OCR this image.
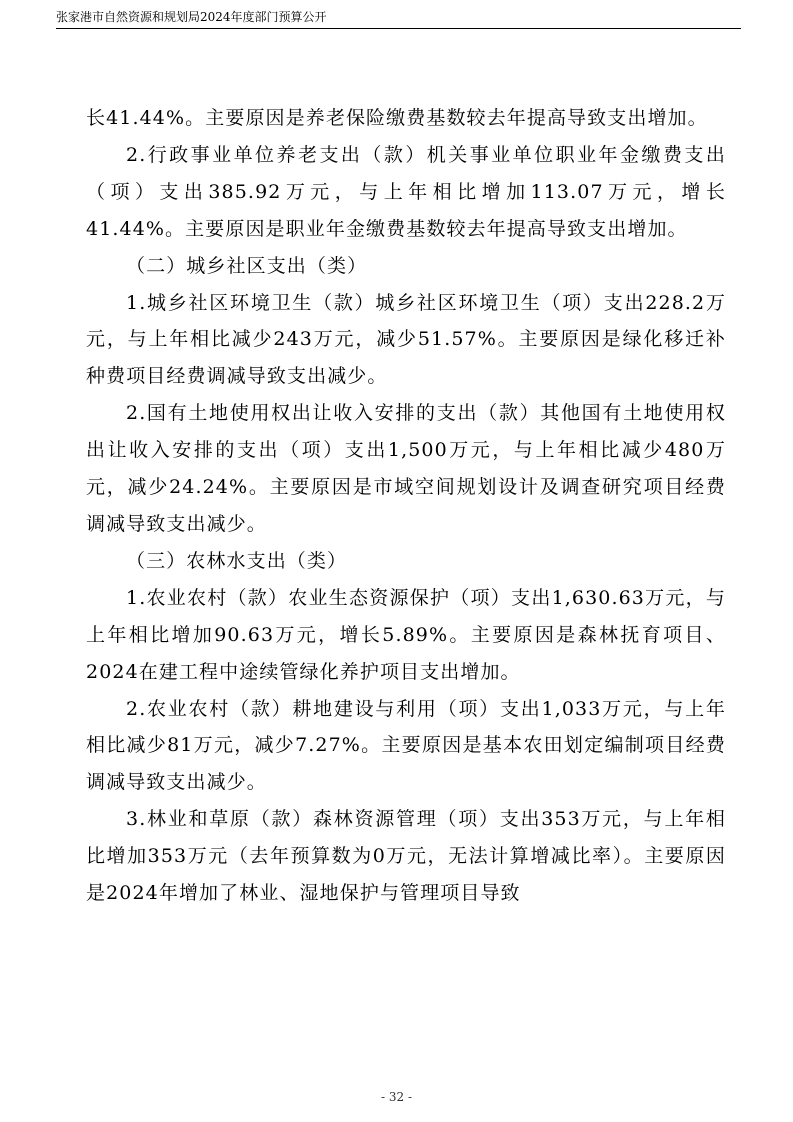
张家港市自然资源和规划局2024年度部门预算公开

长41.44%。主要原因是养老保险缴费基数较去年提高导致支出增加。

2.行政事业单位养老支出（款）机关事业单位职业年金缴费支出（项）支出385.92万元，与上年相比增加113.07万元，增长41.44%。主要原因是职业年金缴费基数较去年提高导致支出增加。

（二）城乡社区支出（类）

1.城乡社区环境卫生（款）城乡社区环境卫生（项）支出228.2万元，与上年相比减少243万元，减少51.57%。主要原因是绿化移迁补种费项目经费调减导致支出减少。

2.国有土地使用权出让收入安排的支出（款）其他国有土地使用权出让收入安排的支出（项）支出1,500万元，与上年相比减少480万元，减少24.24%。主要原因是市域空间规划设计及调查研究项目经费调减导致支出减少。

（三）农林水支出（类）

1.农业农村（款）农业生态资源保护（项）支出1,630.63万元，与上年相比增加90.63万元，增长5.89%。主要原因是森林抚育项目、2024在建工程中途续管绿化养护项目支出增加。

2.农业农村（款）耕地建设与利用（项）支出1,033万元，与上年相比减少81万元，减少7.27%。主要原因是基本农田划定编制项目经费调减导致支出减少。

3.林业和草原（款）森林资源管理（项）支出353万元，与上年相比增加353万元（去年预算数为0万元，无法计算增减比率）。主要原因是2024年增加了林业、湿地保护与管理项目导致

- 32 -
